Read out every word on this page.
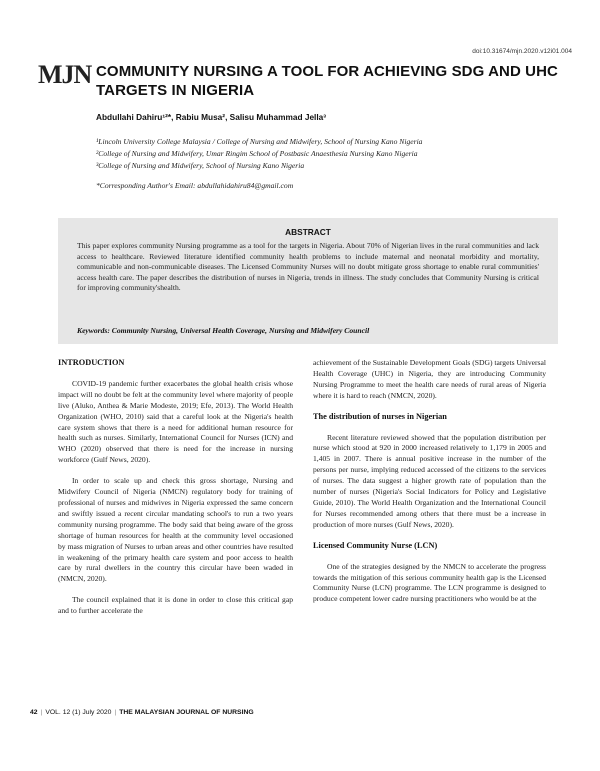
doi:10.31674/mjn.2020.v12i01.004
MJN COMMUNITY NURSING A TOOL FOR ACHIEVING SDG AND UHC TARGETS IN NIGERIA
Abdullahi Dahiru¹²*, Rabiu Musa², Salisu Muhammad Jella³
¹Lincoln University College Malaysia / College of Nursing and Midwifery, School of Nursing Kano Nigeria
²College of Nursing and Midwifery, Umar Ringim School of Postbasic Anaesthesia Nursing Kano Nigeria
³College of Nursing and Midwifery, School of Nursing Kano Nigeria
*Corresponding Author's Email: abdullahidahiru84@gmail.com
ABSTRACT

This paper explores community Nursing programme as a tool for the targets in Nigeria. About 70% of Nigerian lives in the rural communities and lack access to healthcare. Reviewed literature identified community health problems to include maternal and neonatal morbidity and mortality, communicable and non-communicable diseases. The Licensed Community Nurses will no doubt mitigate gross shortage to enable rural communities' access health care. The paper describes the distribution of nurses in Nigeria, trends in illness. The study concludes that Community Nursing is critical for improving community'shealth.

Keywords: Community Nursing, Universal Health Coverage, Nursing and Midwifery Council
INTRODUCTION

COVID-19 pandemic further exacerbates the global health crisis whose impact will no doubt be felt at the community level where majority of people live (Aluko, Anthea & Marie Modeste, 2019; Efe, 2013). The World Health Organization (WHO, 2010) said that a careful look at the Nigeria's health care system shows that there is a need for additional human resource for health such as nurses. Similarly, International Council for Nurses (ICN) and WHO (2020) observed that there is need for the increase in nursing workforce (Gulf News, 2020).

In order to scale up and check this gross shortage, Nursing and Midwifery Council of Nigeria (NMCN) regulatory body for training of professional of nurses and midwives in Nigeria expressed the same concern and swiftly issued a recent circular mandating school's to run a two years community nursing programme. The body said that being aware of the gross shortage of human resources for health at the community level occasioned by mass migration of Nurses to urban areas and other countries have resulted in weakening of the primary health care system and poor access to health care by rural dwellers in the country this circular have been waded in (NMCN, 2020).

The council explained that it is done in order to close this critical gap and to further accelerate the

achievement of the Sustainable Development Goals (SDG) targets Universal Health Coverage (UHC) in Nigeria, they are introducing Community Nursing Programme to meet the health care needs of rural areas of Nigeria where it is hard to reach (NMCN, 2020).

The distribution of nurses in Nigerian

Recent literature reviewed showed that the population distribution per nurse which stood at 920 in 2000 increased relatively to 1,179 in 2005 and 1,405 in 2007. There is annual positive increase in the number of the persons per nurse, implying reduced accessed of the citizens to the services of nurses. The data suggest a higher growth rate of population than the number of nurses (Nigeria's Social Indicators for Policy and Legislative Guide, 2010). The World Health Organization and the International Council for Nurses recommended among others that there must be a increase in production of more nurses (Gulf News, 2020).

Licensed Community Nurse (LCN)

One of the strategies designed by the NMCN to accelerate the progress towards the mitigation of this serious community health gap is the Licensed Community Nurse (LCN) programme. The LCN programme is designed to produce competent lower cadre nursing practitioners who would be at the

42 | VOL. 12 (1) July 2020 | THE MALAYSIAN JOURNAL OF NURSING
